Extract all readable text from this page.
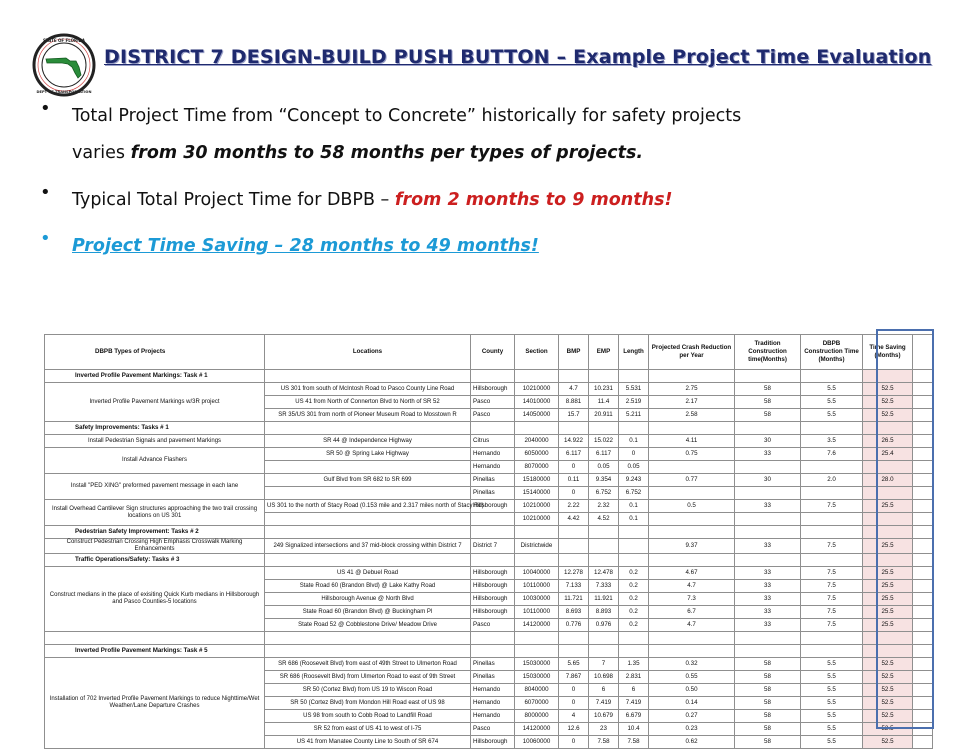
STATE OF FLORIDA
DEPT OF TRANSPORTATION
DISTRICT 7 DESIGN-BUILD PUSH BUTTON – Example Project Time Evaluation
• Total Project Time from “Concept to Concrete” historically for safety projects
varies from 30 months to 58 months per types of projects.
• Typical Total Project Time for DBPB – from 2 months to 9 months!
• Project Time Saving – 28 months to 49 months!
DBPB Types of Projects	Locations	County	Section	BMP	EMP	Length	Projected Crash Reduction per Year	Tradition Construction time(Months)	DBPB Construction Time (Months)	Time Saving (Months)	
Inverted Profile Pavement Markings: Task # 1											
Inverted Profile Pavement Markings w/3R project	US 301 from south of McIntosh Road to Pasco County Line Road	Hillsborough	10210000	4.7	10.231	5.531	2.75	58	5.5	52.5	
	US 41 from North of Connerton Blvd to North of SR 52	Pasco	14010000	8.881	11.4	2.519	2.17	58	5.5	52.5	
	SR 35/US 301 from north of Pioneer Museum Road to Mosstown R	Pasco	14050000	15.7	20.911	5.211	2.58	58	5.5	52.5	
Safety Improvements: Tasks # 1											
Install Pedestrian Signals and pavement Markings	SR 44 @ Independence Highway	Citrus	2040000	14.922	15.022	0.1	4.11	30	3.5	26.5	
Install Advance Flashers	SR 50 @ Spring Lake Highway	Hernando	6050000	6.117	6.117	0	0.75	33	7.6	25.4	
		Hernando	8070000	0	0.05	0.05					
Install "PED XING" preformed pavement message in each lane	Gulf Blvd from SR 682 to SR 699	Pinellas	15180000	0.11	9.354	9.243	0.77	30	2.0	28.0	
		Pinellas	15140000	0	6.752	6.752					
Install Overhead Cantilever Sign structures approaching the two trail crossing locations on US 301	US 301 to the north of Stacy Road (0.153 mile and 2.317 miles north of Stacy Rd)	Hillsborough	10210000	2.22	2.32	0.1	0.5	33	7.5	25.5	
			10210000	4.42	4.52	0.1					
Pedestrian Safety Improvement: Tasks # 2											
Construct Pedestrian Crossing High Emphasis Crosswalk Marking Enhancements	249 Signalized intersections and 37 mid-block crossing within District 7	District 7	Districtwide				9.37	33	7.5	25.5	
Traffic Operations/Safety: Tasks # 3											
Construct medians in the place of exisiting Quick Kurb medians in Hillsborough and Pasco Counties-5 locations	US 41 @ Debuel Road	Hillsborough	10040000	12.278	12.478	0.2	4.67	33	7.5	25.5	
	State Road 60 (Brandon Blvd) @ Lake Kathy Road	Hillsborough	10110000	7.133	7.333	0.2	4.7	33	7.5	25.5	
	Hillsborough Avenue @ North Blvd	Hillsborough	10030000	11.721	11.921	0.2	7.3	33	7.5	25.5	
	State Road 60 (Brandon Blvd) @ Buckingham Pl	Hillsborough	10110000	8.693	8.893	0.2	6.7	33	7.5	25.5	
	State Road 52 @ Cobblestone Drive/ Meadow Drive	Pasco	14120000	0.776	0.976	0.2	4.7	33	7.5	25.5	

Inverted Profile Pavement Markings: Task # 5											
Installation of 702 Inverted Profile Pavement Markings to reduce Nighttime/Wet Weather/Lane Departure Crashes	SR 686 (Roosevelt Blvd) from east of 49th Street to Ulmerton Road	Pinellas	15030000	5.65	7	1.35	0.32	58	5.5	52.5	
	SR 686 (Roosevelt Blvd) from Ulmerton Road to east of 9th Street	Pinellas	15030000	7.867	10.698	2.831	0.55	58	5.5	52.5	
	SR 50 (Cortez Blvd) from US 19 to Wiscon Road	Hernando	8040000	0	6	6	0.50	58	5.5	52.5	
	SR 50 (Cortez Blvd) from Mondon Hill Road east of US 98	Hernando	6070000	0	7.419	7.419	0.14	58	5.5	52.5	
	US 98 from south to Cobb Road to Landfill Road	Hernando	8000000	4	10.679	6.679	0.27	58	5.5	52.5	
	SR 52 from east of US 41 to west of I-75	Pasco	14120000	12.6	23	10.4	0.23	58	5.5	52.5	
	US 41 from Manatee County Line to South of SR 674	Hillsborough	10060000	0	7.58	7.58	0.62	58	5.5	52.5	
